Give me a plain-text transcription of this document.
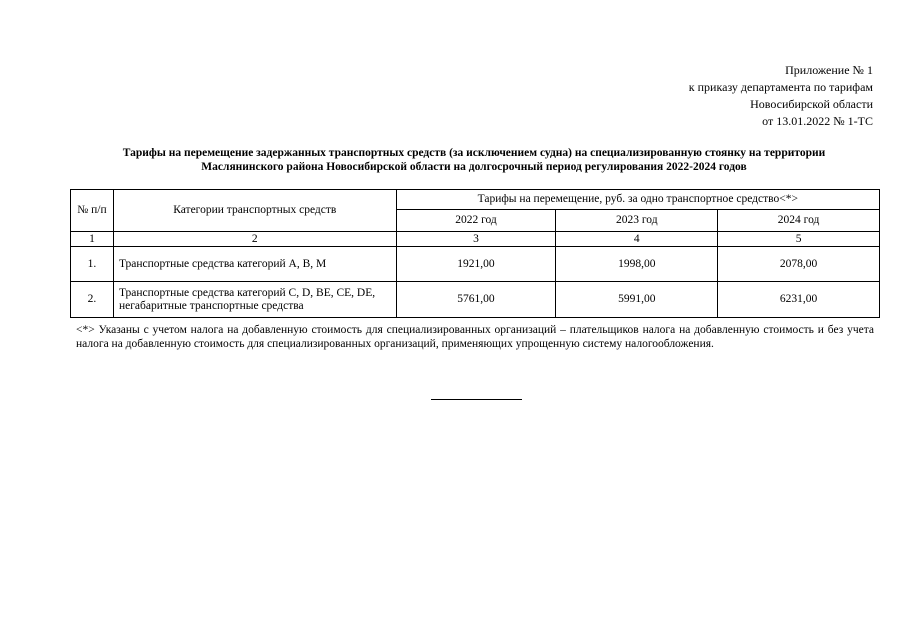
Приложение № 1
к приказу департамента по тарифам
Новосибирской области
от 13.01.2022 № 1-ТС
Тарифы на перемещение задержанных транспортных средств (за исключением судна) на специализированную стоянку на территории
Маслянинского района Новосибирской области на долгосрочный период регулирования 2022-2024 годов
№ п/п	Категории транспортных средств	Тарифы на перемещение, руб. за одно транспортное средство<*>		
		2022 год	2023 год	2024 год
1	2	3	4	5
1.	Транспортные средства категорий А, B, M	1921,00	1998,00	2078,00
2.	Транспортные средства категорий C, D, BE, CE, DE, негабаритные транспортные средства	5761,00	5991,00	6231,00
<*> Указаны с учетом налога на добавленную стоимость для специализированных организаций – плательщиков налога на добавленную стоимость и без учета налога на добавленную стоимость для специализированных организаций, применяющих упрощенную систему налогообложения.
